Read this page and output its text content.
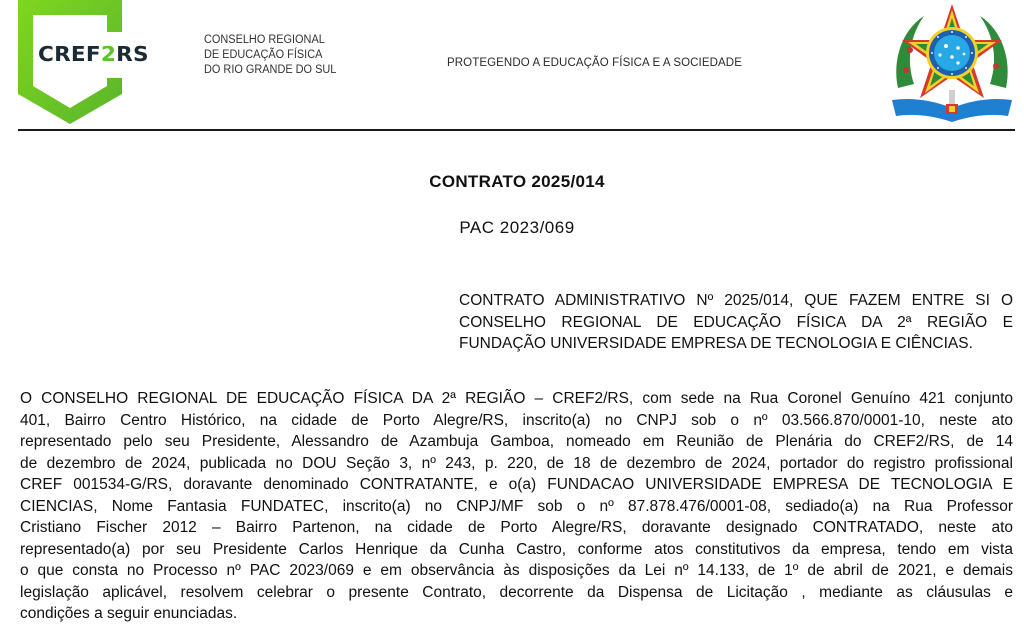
CREF2RS
CONSELHO REGIONAL
DE EDUCAÇÃO FÍSICA
DO RIO GRANDE DO SUL
PROTEGENDO A EDUCAÇÃO FÍSICA E A SOCIEDADE
CONTRATO 2025/014
PAC 2023/069
CONTRATO ADMINISTRATIVO Nº 2025/014, QUE FAZEM ENTRE SI O
CONSELHO REGIONAL DE EDUCAÇÃO FÍSICA DA 2ª REGIÃO E
FUNDAÇÃO UNIVERSIDADE EMPRESA DE TECNOLOGIA E CIÊNCIAS.
O CONSELHO REGIONAL DE EDUCAÇÃO FÍSICA DA 2ª REGIÃO – CREF2/RS, com sede na Rua Coronel Genuíno 421 conjunto
401, Bairro Centro Histórico, na cidade de Porto Alegre/RS, inscrito(a) no CNPJ sob o nº 03.566.870/0001-10, neste ato
representado pelo seu Presidente, Alessandro de Azambuja Gamboa, nomeado em Reunião de Plenária do CREF2/RS, de 14
de dezembro de 2024, publicada no DOU Seção 3, nº 243, p. 220, de 18 de dezembro de 2024, portador do registro profissional
CREF 001534-G/RS, doravante denominado CONTRATANTE, e o(a) FUNDACAO UNIVERSIDADE EMPRESA DE TECNOLOGIA E
CIENCIAS, Nome Fantasia FUNDATEC, inscrito(a) no CNPJ/MF sob o nº 87.878.476/0001-08, sediado(a) na Rua Professor
Cristiano Fischer 2012 – Bairro Partenon, na cidade de Porto Alegre/RS, doravante designado CONTRATADO, neste ato
representado(a) por seu Presidente Carlos Henrique da Cunha Castro, conforme atos constitutivos da empresa, tendo em vista
o que consta no Processo nº PAC 2023/069 e em observância às disposições da Lei nº 14.133, de 1º de abril de 2021, e demais
legislação aplicável, resolvem celebrar o presente Contrato, decorrente da Dispensa de Licitação , mediante as cláusulas e
condições a seguir enunciadas.
